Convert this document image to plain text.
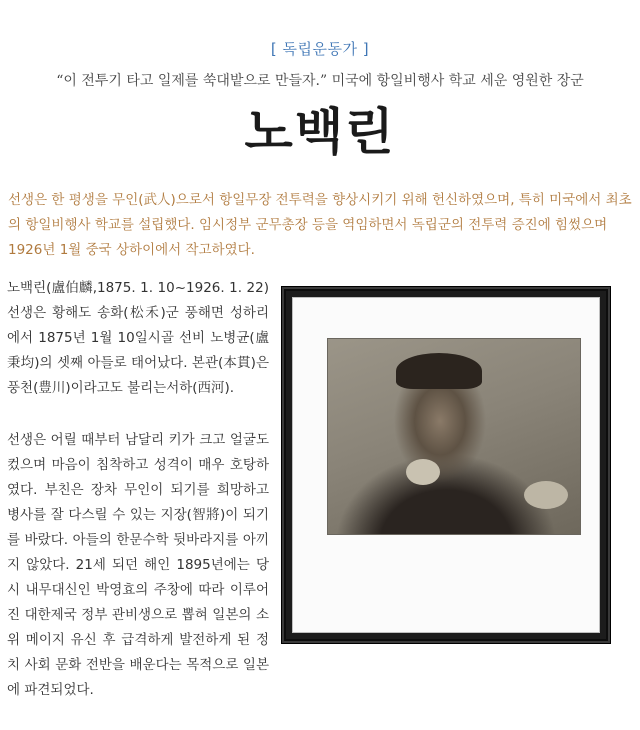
[ 독립운동가 ]
“이 전투기 타고 일제를 쑥대밭으로 만들자.” 미국에 항일비행사 학교 세운 영원한 장군
노백린
선생은 한 평생을 무인(武人)으로서 항일무장 전투력을 향상시키기 위해 헌신하였으며, 특히 미국에서 최초의 항일비행사 학교를 설립했다. 임시정부 군무총장 등을 역임하면서 독립군의 전투력 증진에 힘썼으며 1926년 1월 중국 상하이에서 작고하였다.

노백린(盧伯麟,1875. 1. 10~1926. 1. 22) 선생은 황해도 송화(松禾)군 풍해면 성하리에서 1875년 1월 10일시골 선비 노병균(盧秉均)의 셋째 아들로 태어났다. 본관(本貫)은 풍천(豊川)이라고도 불리는서하(西河).

선생은 어릴 때부터 남달리 키가 크고 얼굴도 컸으며 마음이 침착하고 성격이 매우 호탕하였다. 부친은 장차 무인이 되기를 희망하고 병사를 잘 다스릴 수 있는 지장(智將)이 되기를 바랐다. 아들의 한문수학 뒷바라지를 아끼지 않았다. 21세 되던 해인 1895년에는 당시 내무대신인 박영효의 주창에 따라 이루어진 대한제국 정부 관비생으로 뽑혀 일본의 소위 메이지 유신 후 급격하게 발전하게 된 정치 사회 문화 전반을 배운다는 목적으로 일본에 파견되었다.
